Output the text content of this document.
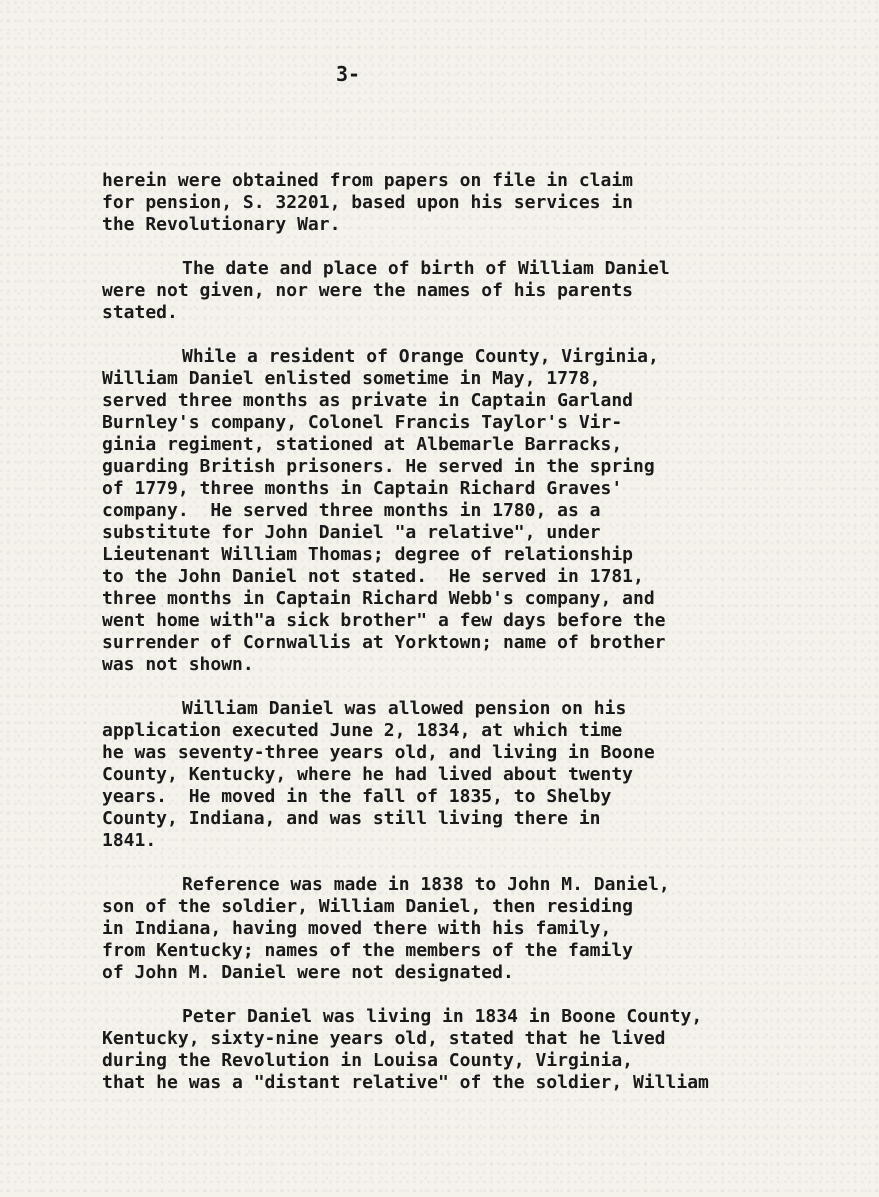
3-
herein were obtained from papers on file in claim
for pension, S. 32201, based upon his services in
the Revolutionary War.
The date and place of birth of William Daniel
were not given, nor were the names of his parents
stated.
While a resident of Orange County, Virginia,
William Daniel enlisted sometime in May, 1778,
served three months as private in Captain Garland
Burnley's company, Colonel Francis Taylor's Vir-
ginia regiment, stationed at Albemarle Barracks,
guarding British prisoners. He served in the spring
of 1779, three months in Captain Richard Graves'
company.  He served three months in 1780, as a
substitute for John Daniel "a relative", under
Lieutenant William Thomas; degree of relationship
to the John Daniel not stated.  He served in 1781,
three months in Captain Richard Webb's company, and
went home with"a sick brother" a few days before the
surrender of Cornwallis at Yorktown; name of brother
was not shown.
William Daniel was allowed pension on his
application executed June 2, 1834, at which time
he was seventy-three years old, and living in Boone
County, Kentucky, where he had lived about twenty
years.  He moved in the fall of 1835, to Shelby
County, Indiana, and was still living there in
1841.
Reference was made in 1838 to John M. Daniel,
son of the soldier, William Daniel, then residing
in Indiana, having moved there with his family,
from Kentucky; names of the members of the family
of John M. Daniel were not designated.
Peter Daniel was living in 1834 in Boone County,
Kentucky, sixty-nine years old, stated that he lived
during the Revolution in Louisa County, Virginia,
that he was a "distant relative" of the soldier, William
